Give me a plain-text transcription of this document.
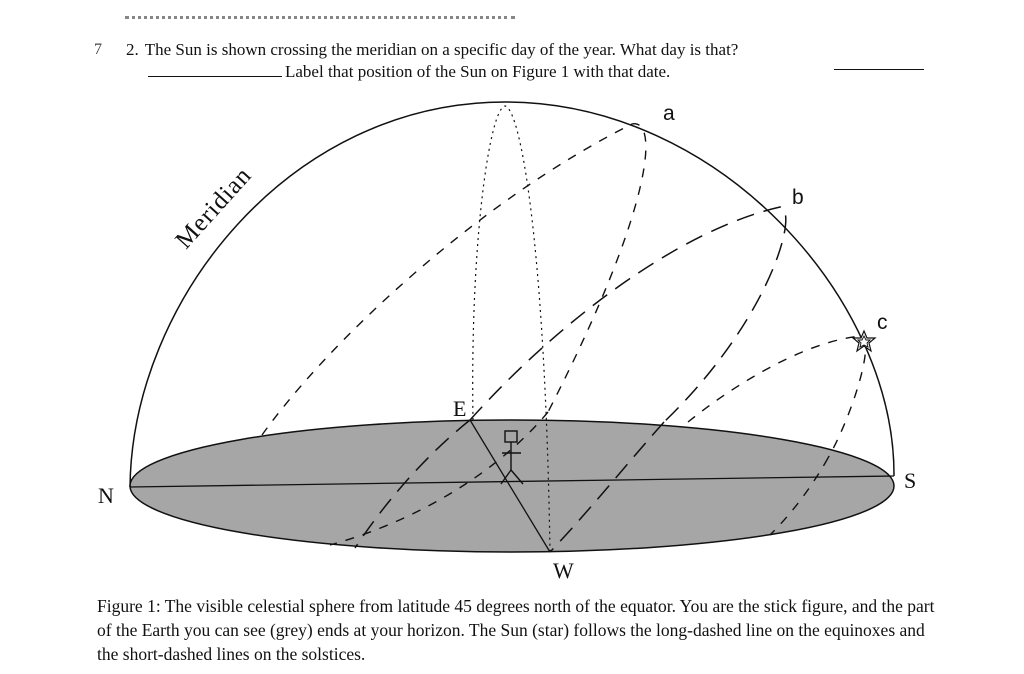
7 2. The Sun is shown crossing the meridian on a specific day of the year. What day is that?
Label that position of the Sun on Figure 1 with that date.
Meridian
N
S
E
W
a
b
c
Figure 1: The visible celestial sphere from latitude 45 degrees north of the equator. You are the stick figure, and the part of the Earth you can see (grey) ends at your horizon. The Sun (star) follows the long-dashed line on the equinoxes and the short-dashed lines on the solstices.
